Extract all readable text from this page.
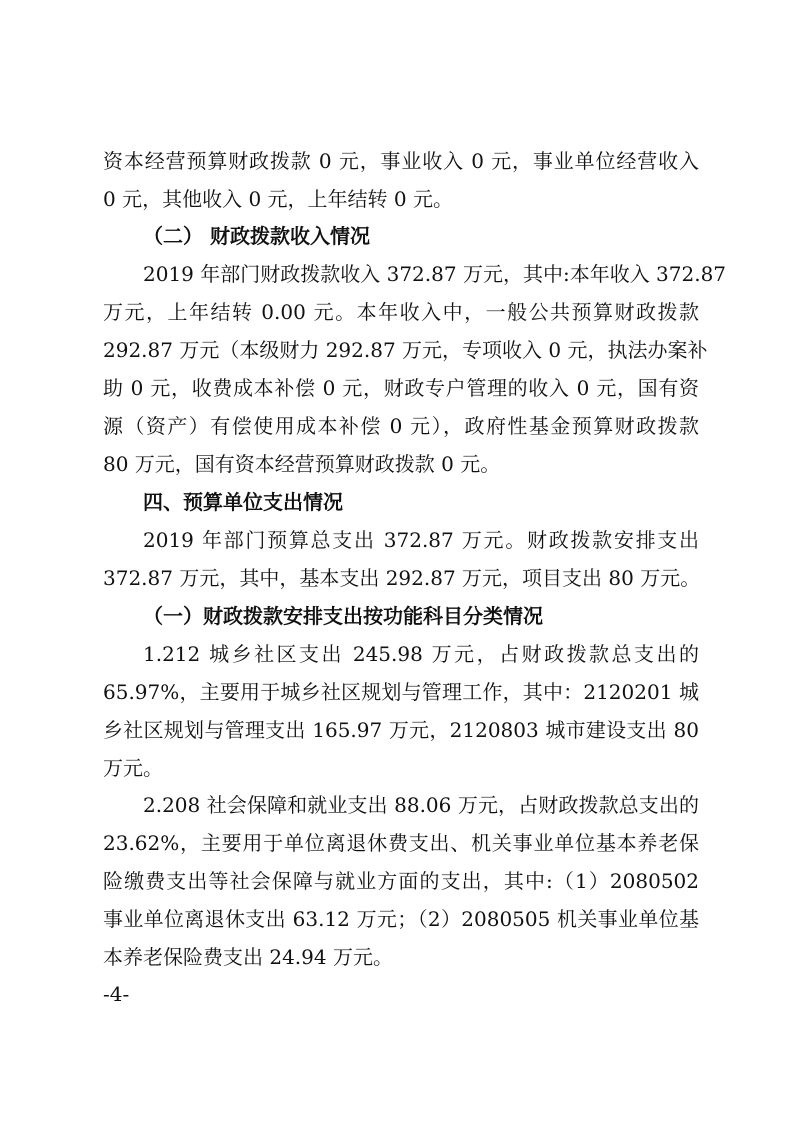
资本经营预算财政拨款 0 元，事业收入 0 元，事业单位经营收入
0 元，其他收入 0 元，上年结转 0 元。
（二） 财政拨款收入情况
2019 年部门财政拨款收入 372.87 万元，其中:本年收入 372.87
万元，上年结转 0.00 元。本年收入中，一般公共预算财政拨款
292.87 万元（本级财力 292.87 万元，专项收入 0 元，执法办案补
助 0 元，收费成本补偿 0 元，财政专户管理的收入 0 元，国有资
源（资产）有偿使用成本补偿 0 元），政府性基金预算财政拨款
80 万元，国有资本经营预算财政拨款 0 元。
四、预算单位支出情况
2019 年部门预算总支出 372.87 万元。财政拨款安排支出
372.87 万元，其中，基本支出 292.87 万元，项目支出 80 万元。
（一）财政拨款安排支出按功能科目分类情况
1.212 城乡社区支出 245.98 万元，占财政拨款总支出的
65.97%，主要用于城乡社区规划与管理工作，其中：2120201 城
乡社区规划与管理支出 165.97 万元，2120803 城市建设支出 80
万元。
2.208 社会保障和就业支出 88.06 万元，占财政拨款总支出的
23.62%，主要用于单位离退休费支出、机关事业单位基本养老保
险缴费支出等社会保障与就业方面的支出，其中:（1）2080502
事业单位离退休支出 63.12 万元；（2）2080505 机关事业单位基
本养老保险费支出 24.94 万元。
-4-
